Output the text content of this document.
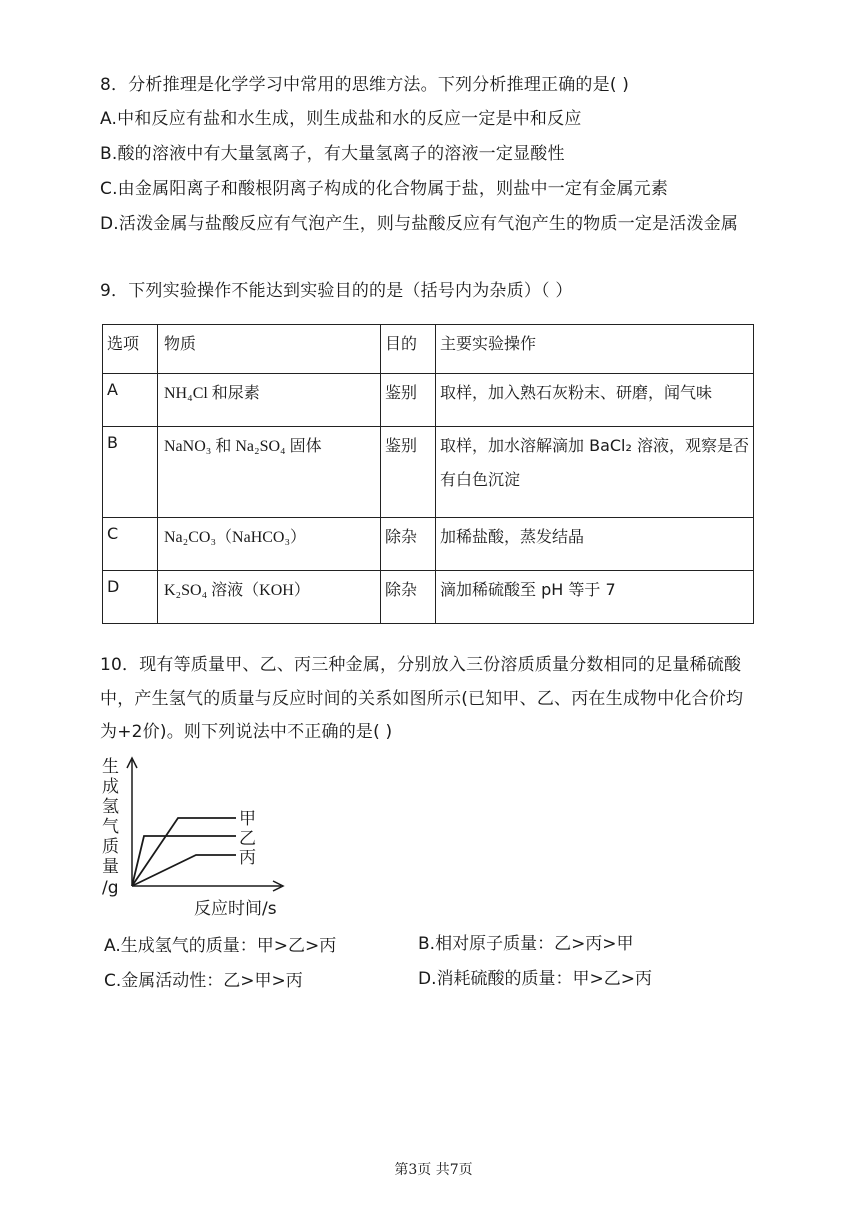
8．分析推理是化学学习中常用的思维方法。下列分析推理正确的是( )
A.中和反应有盐和水生成，则生成盐和水的反应一定是中和反应
B.酸的溶液中有大量氢离子，有大量氢离子的溶液一定显酸性
C.由金属阳离子和酸根阴离子构成的化合物属于盐，则盐中一定有金属元素
D.活泼金属与盐酸反应有气泡产生，则与盐酸反应有气泡产生的物质一定是活泼金属
9．下列实验操作不能达到实验目的的是（括号内为杂质）（ ）
选项	物质	目的	主要实验操作
A	NH₄Cl 和尿素	鉴别	取样，加入熟石灰粉末、研磨，闻气味
B	NaNO₃ 和 Na₂SO₄ 固体	鉴别	取样，加水溶解滴加 BaCl₂ 溶液，观察是否有白色沉淀
C	Na₂CO₃（NaHCO₃）	除杂	加稀盐酸，蒸发结晶
D	K₂SO₄ 溶液（KOH）	除杂	滴加稀硫酸至 pH 等于 7
10．现有等质量甲、乙、丙三种金属，分别放入三份溶质质量分数相同的足量稀硫酸
中，产生氢气的质量与反应时间的关系如图所示(已知甲、乙、丙在生成物中化合价均
为+2价)。则下列说法中不正确的是( )
生
成
氢
气
质
量
/g
甲
乙
丙
反应时间/s
A.生成氢气的质量：甲>乙>丙	B.相对原子质量：乙>丙>甲
C.金属活动性：乙>甲>丙	D.消耗硫酸的质量：甲>乙>丙
第3页 共7页
